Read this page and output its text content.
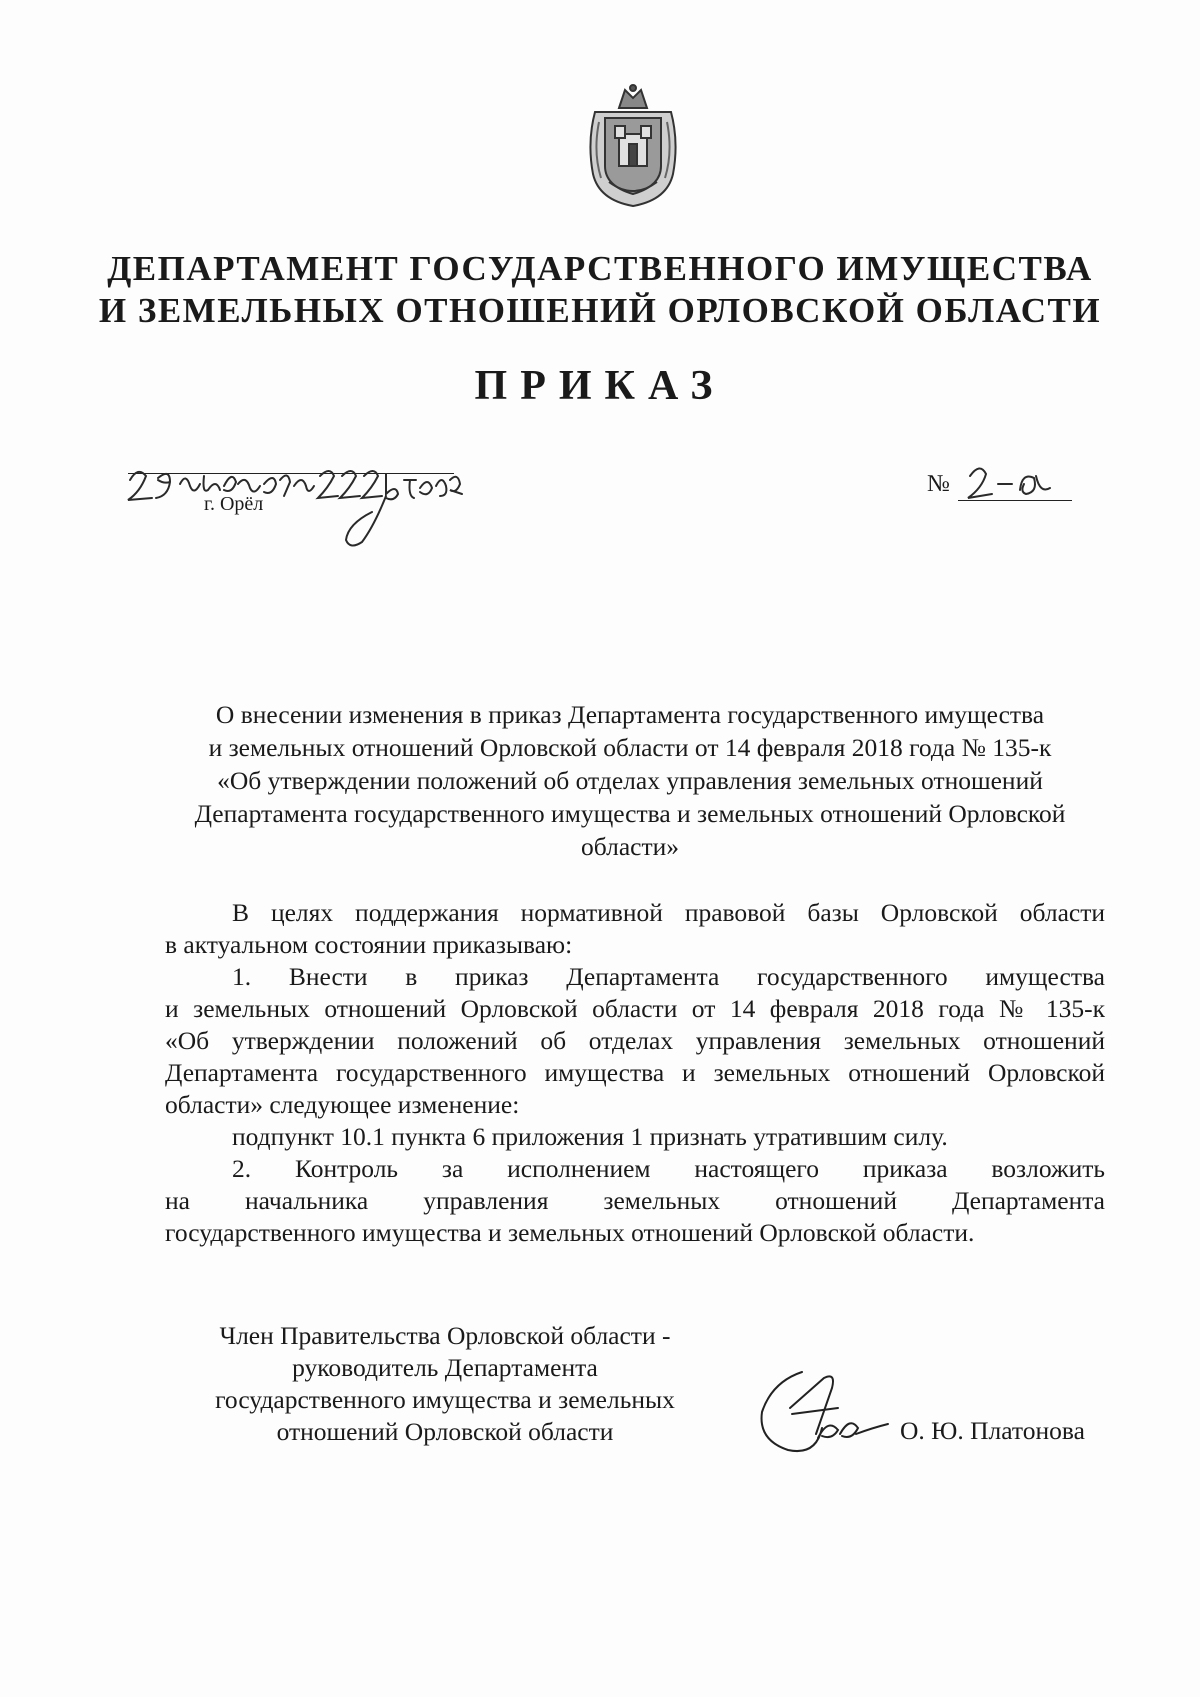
ДЕПАРТАМЕНТ ГОСУДАРСТВЕННОГО ИМУЩЕСТВА
И ЗЕМЕЛЬНЫХ ОТНОШЕНИЙ ОРЛОВСКОЙ ОБЛАСТИ
ПРИКАЗ
г. Орёл
№
О внесении изменения в приказ Департамента государственного имущества
и земельных отношений Орловской области от 14 февраля 2018 года № 135-к
«Об утверждении положений об отделах управления земельных отношений
Департамента государственного имущества и земельных отношений Орловской
области»
В целях поддержания нормативной правовой базы Орловской области
в актуальном состоянии приказываю:
1. Внести в приказ Департамента государственного имущества
и земельных отношений Орловской области от 14 февраля 2018 года № 135-к
«Об утверждении положений об отделах управления земельных отношений
Департамента государственного имущества и земельных отношений Орловской
области» следующее изменение:
подпункт 10.1 пункта 6 приложения 1 признать утратившим силу.
2. Контроль за исполнением настоящего приказа возложить
на начальника управления земельных отношений Департамента
государственного имущества и земельных отношений Орловской области.
Член Правительства Орловской области -
руководитель Департамента
государственного имущества и земельных
отношений Орловской области	О. Ю. Платонова
